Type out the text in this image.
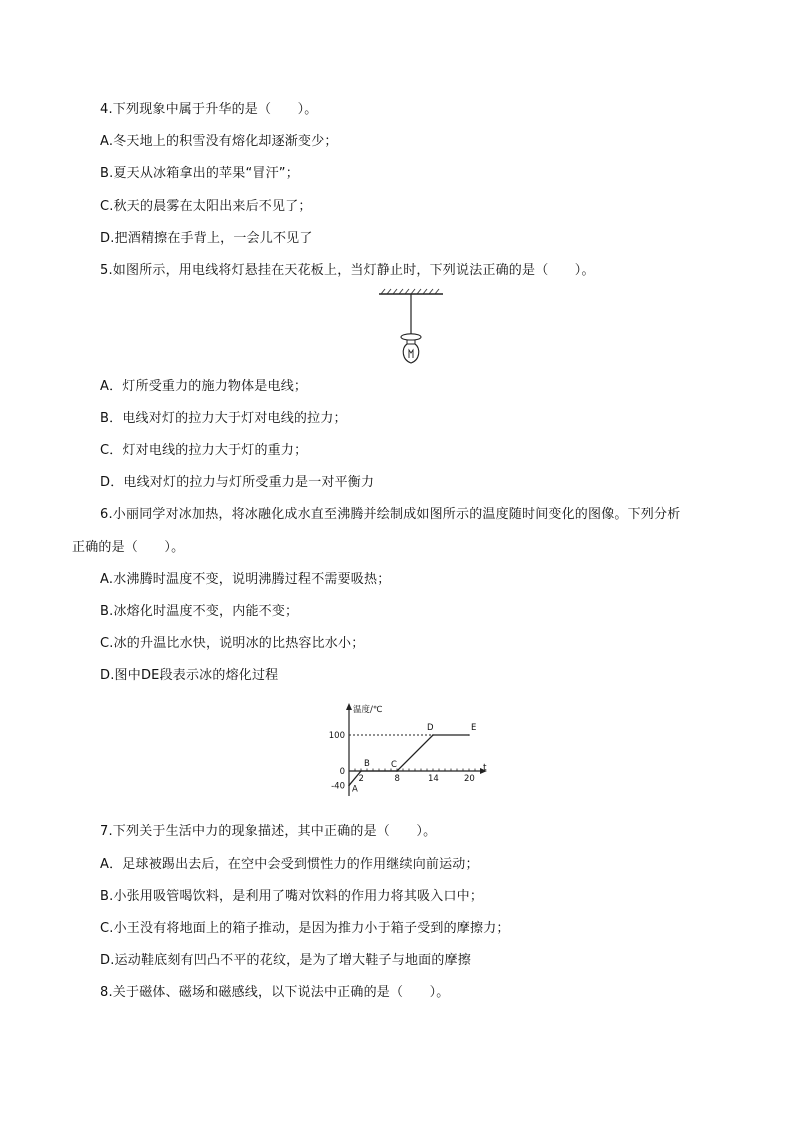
4.下列现象中属于升华的是（　　）。
A.冬天地上的积雪没有熔化却逐渐变少；
B.夏天从冰箱拿出的苹果“冒汗”；
C.秋天的晨雾在太阳出来后不见了；
D.把酒精擦在手背上，一会儿不见了
5.如图所示，用电线将灯悬挂在天花板上，当灯静止时，下列说法正确的是（　　）。
A．灯所受重力的施力物体是电线；
B．电线对灯的拉力大于灯对电线的拉力；
C．灯对电线的拉力大于灯的重力；
D．电线对灯的拉力与灯所受重力是一对平衡力
6.小丽同学对冰加热，将冰融化成水直至沸腾并绘制成如图所示的温度随时间变化的图像。下列分析
正确的是（　　）。
A.水沸腾时温度不变，说明沸腾过程不需要吸热；
B.冰熔化时温度不变，内能不变；
C.冰的升温比水快，说明冰的比热容比水小；
D.图中DE段表示冰的熔化过程
温度/℃
t
2	8	14	20
100
0
-40 A
B C
D	E
7.下列关于生活中力的现象描述，其中正确的是（　　）。
A．足球被踢出去后，在空中会受到惯性力的作用继续向前运动；
B.小张用吸管喝饮料，是利用了嘴对饮料的作用力将其吸入口中；
C.小王没有将地面上的箱子推动，是因为推力小于箱子受到的摩擦力；
D.运动鞋底刻有凹凸不平的花纹，是为了增大鞋子与地面的摩擦
8.关于磁体、磁场和磁感线，以下说法中正确的是（　　）。
